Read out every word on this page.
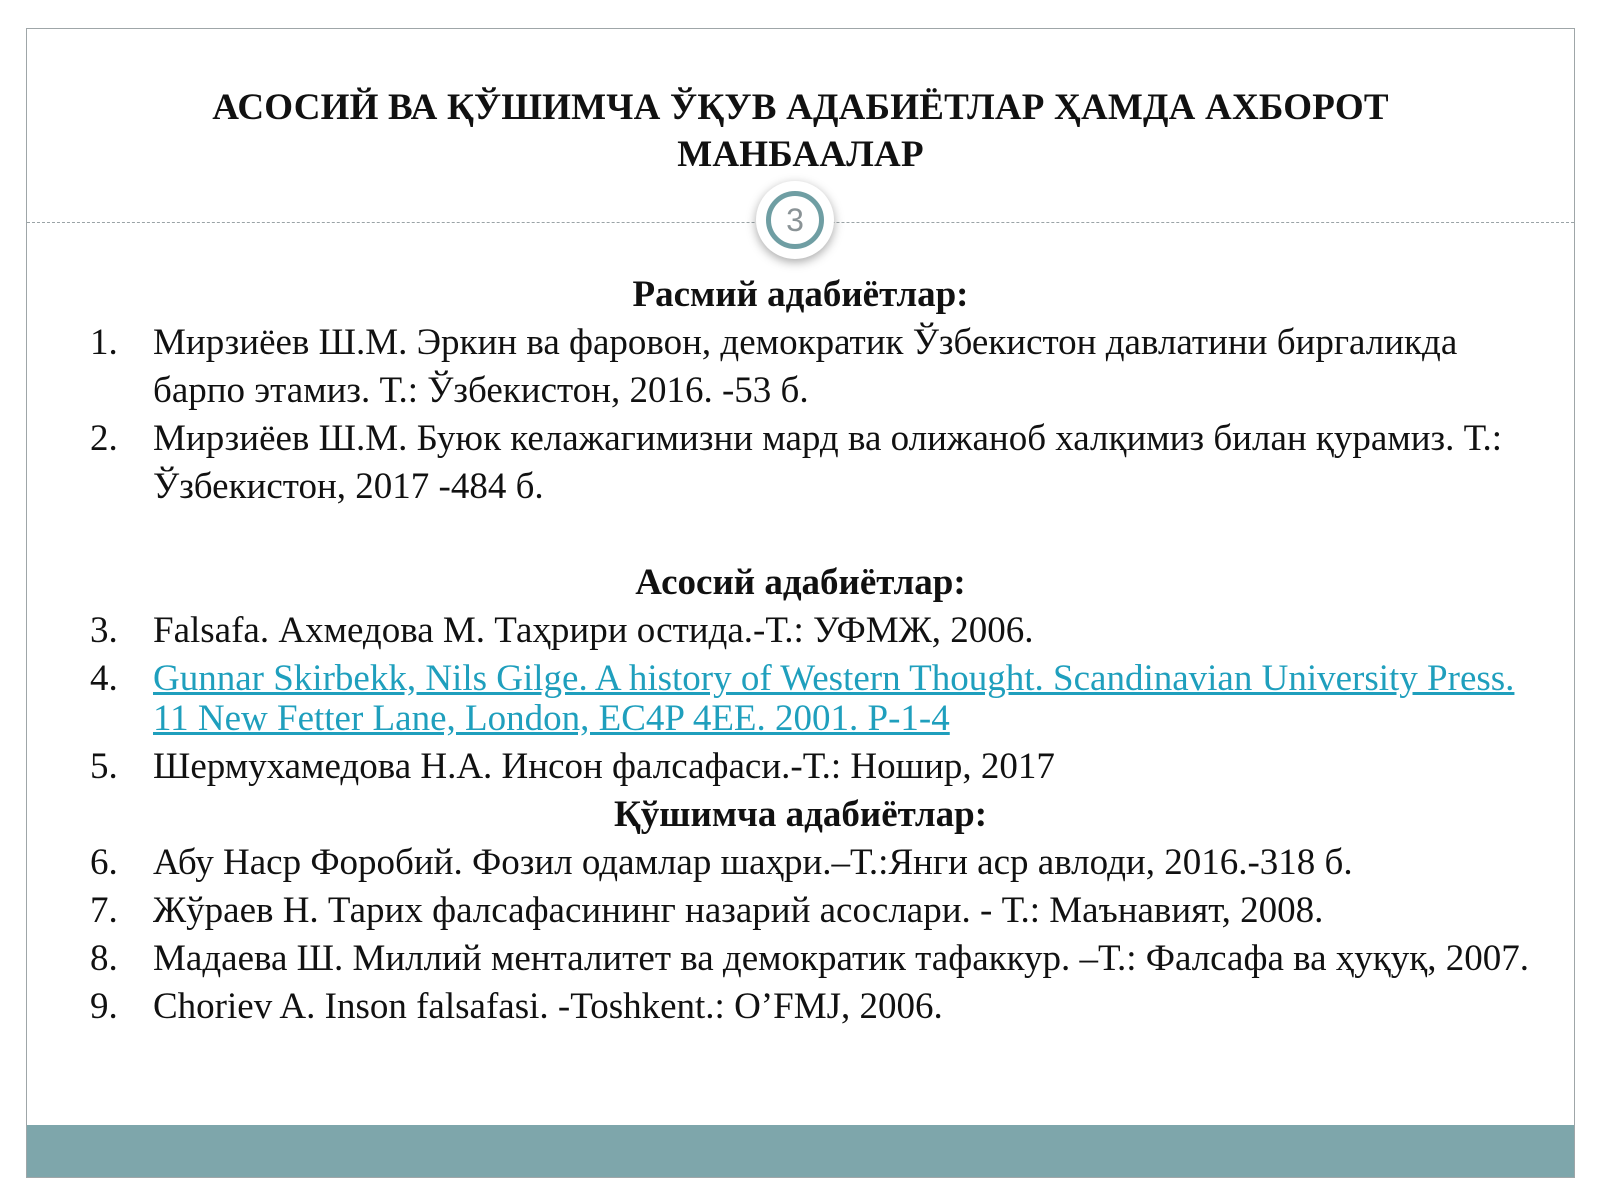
АСОСИЙ ВА ҚЎШИМЧА ЎҚУВ АДАБИЁТЛАР ҲАМДА АХБОРОТ
МАНБААЛАР
3
Расмий адабиётлар:
1. Мирзиёев Ш.М. Эркин ва фаровон, демократик Ўзбекистон давлатини биргаликда барпо этамиз. Т.: Ўзбекистон, 2016. -53 б.
2. Мирзиёев Ш.М. Буюк келажагимизни мард ва олижаноб халқимиз билан қурамиз. Т.: Ўзбекистон, 2017 -484 б.
Асосий адабиётлар:
3. Falsafa. Ахмедова М. Таҳрири остида.-Т.: УФМЖ, 2006.
4. Gunnar Skirbekk, Nils Gilge. A history of Western Thought. Scandinavian University Press. 11 New Fetter Lane, London, EC4P 4EE. 2001. P-1-4
5. Шермухамедова Н.А. Инсон фалсафаси.-Т.: Ношир, 2017
Қўшимча адабиётлар:
6. Абу Наср Форобий. Фозил одамлар шаҳри.–Т.:Янги аср авлоди, 2016.-318 б.
7. Жўраев Н. Тарих фалсафасининг назарий асослари. - Т.: Маънавият, 2008.
8. Мадаева Ш. Миллий менталитет ва демократик тафаккур. –Т.: Фалсафа ва ҳуқуқ, 2007.
9. Choriev A. Inson falsafasi. -Toshkent.: O’FMJ, 2006.
